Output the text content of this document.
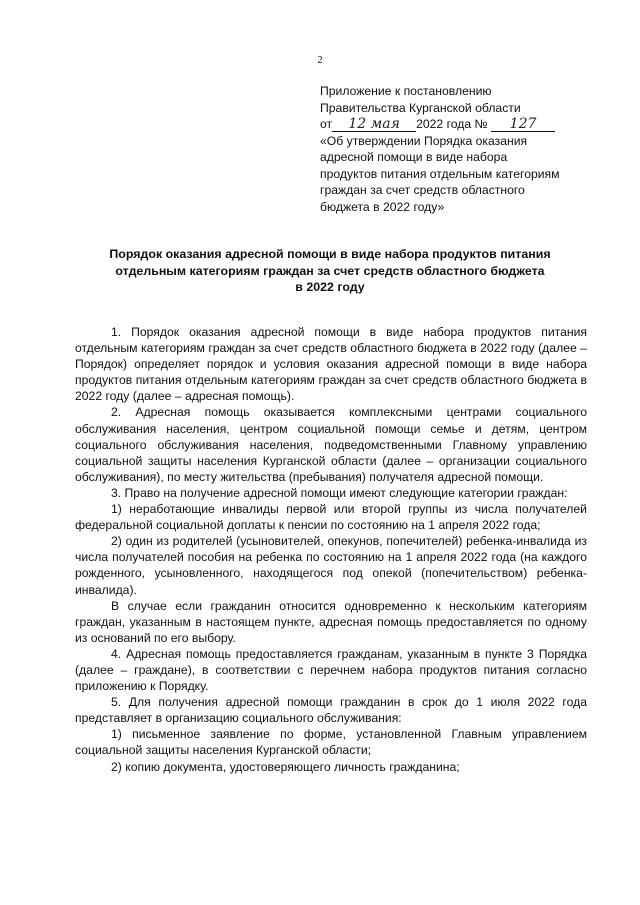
2
Приложение к постановлению
Правительства Курганской области
от 12 мая 2022 года № 127
«Об утверждении Порядка оказания
адресной помощи в виде набора
продуктов питания отдельным категориям
граждан за счет средств областного
бюджета в 2022 году»
Порядок оказания адресной помощи в виде набора продуктов питания
отдельным категориям граждан за счет средств областного бюджета
в 2022 году

1. Порядок оказания адресной помощи в виде набора продуктов питания отдельным категориям граждан за счет средств областного бюджета в 2022 году (далее – Порядок) определяет порядок и условия оказания адресной помощи в виде набора продуктов питания отдельным категориям граждан за счет средств областного бюджета в 2022 году (далее – адресная помощь).

2. Адресная помощь оказывается комплексными центрами социального обслуживания населения, центром социальной помощи семье и детям, центром социального обслуживания населения, подведомственными Главному управлению социальной защиты населения Курганской области (далее – организации социального обслуживания), по месту жительства (пребывания) получателя адресной помощи.

3. Право на получение адресной помощи имеют следующие категории граждан:

1) неработающие инвалиды первой или второй группы из числа получателей федеральной социальной доплаты к пенсии по состоянию на 1 апреля 2022 года;

2) один из родителей (усыновителей, опекунов, попечителей) ребенка-инвалида из числа получателей пособия на ребенка по состоянию на 1 апреля 2022 года (на каждого рожденного, усыновленного, находящегося под опекой (попечительством) ребенка-инвалида).

В случае если гражданин относится одновременно к нескольким категориям граждан, указанным в настоящем пункте, адресная помощь предоставляется по одному из оснований по его выбору.

4. Адресная помощь предоставляется гражданам, указанным в пункте 3 Порядка (далее – граждане), в соответствии с перечнем набора продуктов питания согласно приложению к Порядку.

5. Для получения адресной помощи гражданин в срок до 1 июля 2022 года представляет в организацию социального обслуживания:

1) письменное заявление по форме, установленной Главным управлением социальной защиты населения Курганской области;

2) копию документа, удостоверяющего личность гражданина;
